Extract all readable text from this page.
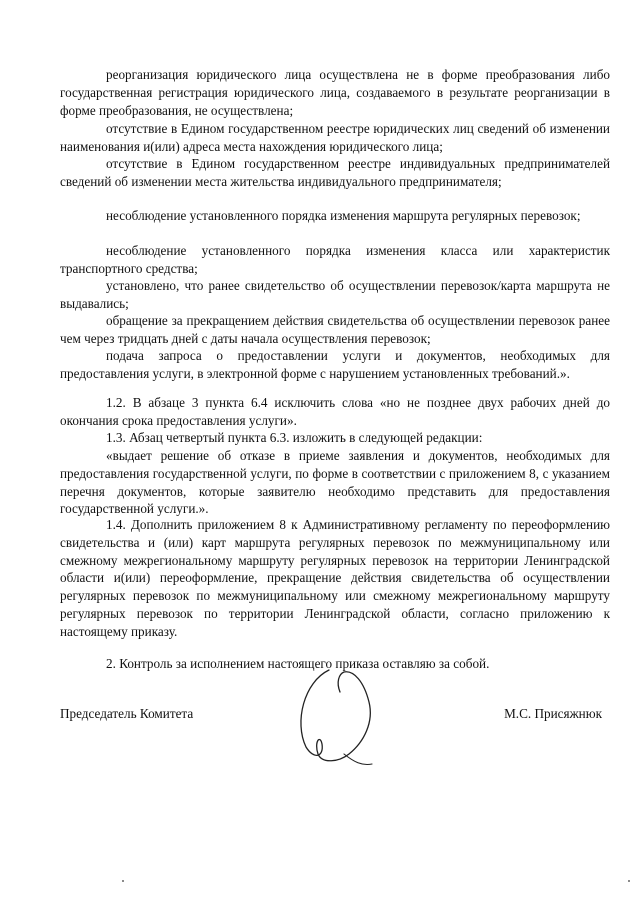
реорганизация юридического лица осуществлена не в форме преобразования либо государственная регистрация юридического лица, создаваемого в результате реорганизации в форме преобразования, не осуществлена;
отсутствие в Едином государственном реестре юридических лиц сведений об изменении наименования и(или) адреса места нахождения юридического лица;
отсутствие в Едином государственном реестре индивидуальных предпринимателей сведений об изменении места жительства индивидуального предпринимателя;
несоблюдение установленного порядка изменения маршрута регулярных перевозок;
несоблюдение установленного порядка изменения класса или характеристик транспортного средства;
установлено, что ранее свидетельство об осуществлении перевозок/карта маршрута не выдавались;
обращение за прекращением действия свидетельства об осуществлении перевозок ранее чем через тридцать дней с даты начала осуществления перевозок;
подача запроса о предоставлении услуги и документов, необходимых для предоставления услуги, в электронной форме с нарушением установленных требований.».
1.2. В абзаце 3 пункта 6.4 исключить слова «но не позднее двух рабочих дней до окончания срока предоставления услуги».
1.3. Абзац четвертый пункта 6.3. изложить в следующей редакции:
«выдает решение об отказе в приеме заявления и документов, необходимых для предоставления государственной услуги, по форме в соответствии с приложением 8, с указанием перечня документов, которые заявителю необходимо представить для предоставления государственной услуги.».
1.4. Дополнить приложением 8 к Административному регламенту по переоформлению свидетельства и (или) карт маршрута регулярных перевозок по межмуниципальному или смежному межрегиональному маршруту регулярных перевозок на территории Ленинградской области и(или) переоформление, прекращение действия свидетельства об осуществлении регулярных перевозок по межмуниципальному или смежному межрегиональному маршруту регулярных перевозок по территории Ленинградской области, согласно приложению к настоящему приказу.
2. Контроль за исполнением настоящего приказа оставляю за собой.
Председатель Комитета	М.С. Присяжнюк
